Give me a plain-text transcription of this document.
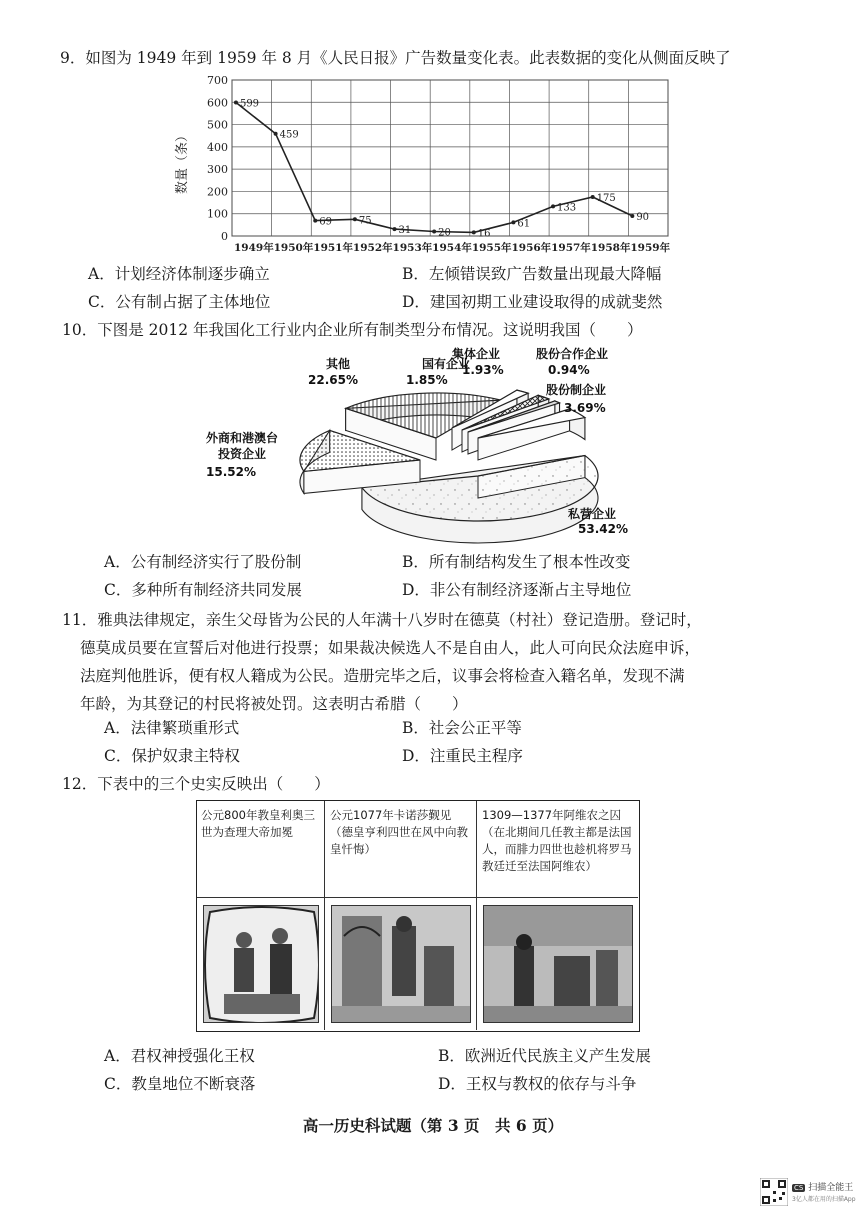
9．如图为 1949 年到 1959 年 8 月《人民日报》广告数量变化表。此表数据的变化从侧面反映了
0
100
200
300
400
500
600
700
1949年 1950年 1951年 1952年 1953年 1954年 1955年 1956年 1957年 1958年 1959年
599
459
69	75
31	20	16
61
133
175
90
数量（条）
A．计划经济体制逐步确立	B．左倾错误致广告数量出现最大降幅
C．公有制占据了主体地位	D．建国初期工业建设取得的成就斐然
10．下图是 2012 年我国化工行业内企业所有制类型分布情况。这说明我国（　　）
私营企业
53.42%
外商和港澳台
投资企业
15.52%
其他
22.65%
国有企业
1.85%
集体企业
1.93%
股份合作企业
0.94%
股份制企业
3.69%
A．公有制经济实行了股份制	B．所有制结构发生了根本性改变
C．多种所有制经济共同发展	D．非公有制经济逐渐占主导地位
11．雅典法律规定，亲生父母皆为公民的人年满十八岁时在德莫（村社）登记造册。登记时，
德莫成员要在宣誓后对他进行投票；如果裁决候选人不是自由人，此人可向民众法庭申诉，
法庭判他胜诉，便有权人籍成为公民。造册完毕之后，议事会将检查入籍名单，发现不满
年龄，为其登记的村民将被处罚。这表明古希腊（　　）
A．法律繁琐重形式	B．社会公正平等
C．保护奴隶主特权	D．注重民主程序
12．下表中的三个史实反映出（　　）
公元800年教皇利奥三世为查理大帝加冕
公元1077年卡诺莎觐见（德皇亨利四世在风中向教皇忏悔）
1309—1377年阿维农之囚（在北期间几任教主都是法国人，而腓力四世也趁机将罗马教廷迁至法国阿维农）
A．君权神授强化王权	B．欧洲近代民族主义产生发展
C．教皇地位不断衰落	D．王权与教权的依存与斗争
高一历史科试题（第 3 页　共 6 页）
CS 扫描全能王
3亿人都在用的扫描App
